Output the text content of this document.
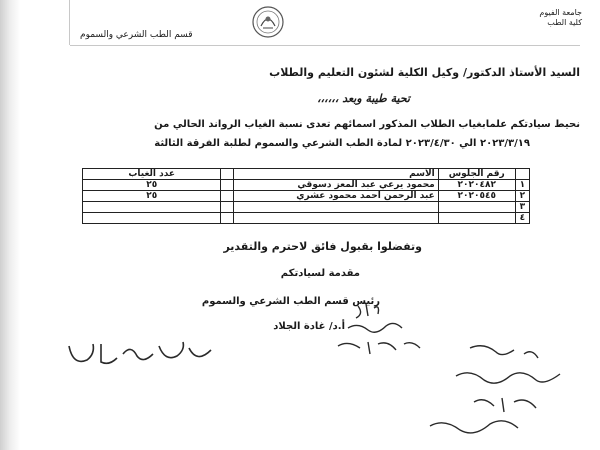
جامعة الفيوم
كلية الطب
قسم الطب الشرعي والسموم
السيد الأستاذ الدكتور/ وكيل الكلية لشئون التعليم والطلاب
تحية طيبة وبعد ،،،،،،
نحيط سيادتكم علمابغياب الطلاب المذكور اسمائهم تعدى نسبة الغياب الرواند الحالي من
٢٠٢٣/٣/١٩ الي ٢٠٢٣/٤/٣٠ لمادة الطب الشرعي والسموم لطلبة الفرقة الثالثة
	رقم الجلوس	الاسم		عدد الغياب
١	٢٠٢٠٤٨٢	محمود يرعي عبد المعز دسوقي		٢٥
٢	٢٠٢٠٥٤٥	عبد الرحمن احمد محمود عشري		٢٥
٣				
٤				
وتفضلوا بقبول فائق لاحترم والتقدير
مقدمة لسيادتكم
رئيس قسم الطب الشرعي والسموم
أ.د/ غادة الجلاد
